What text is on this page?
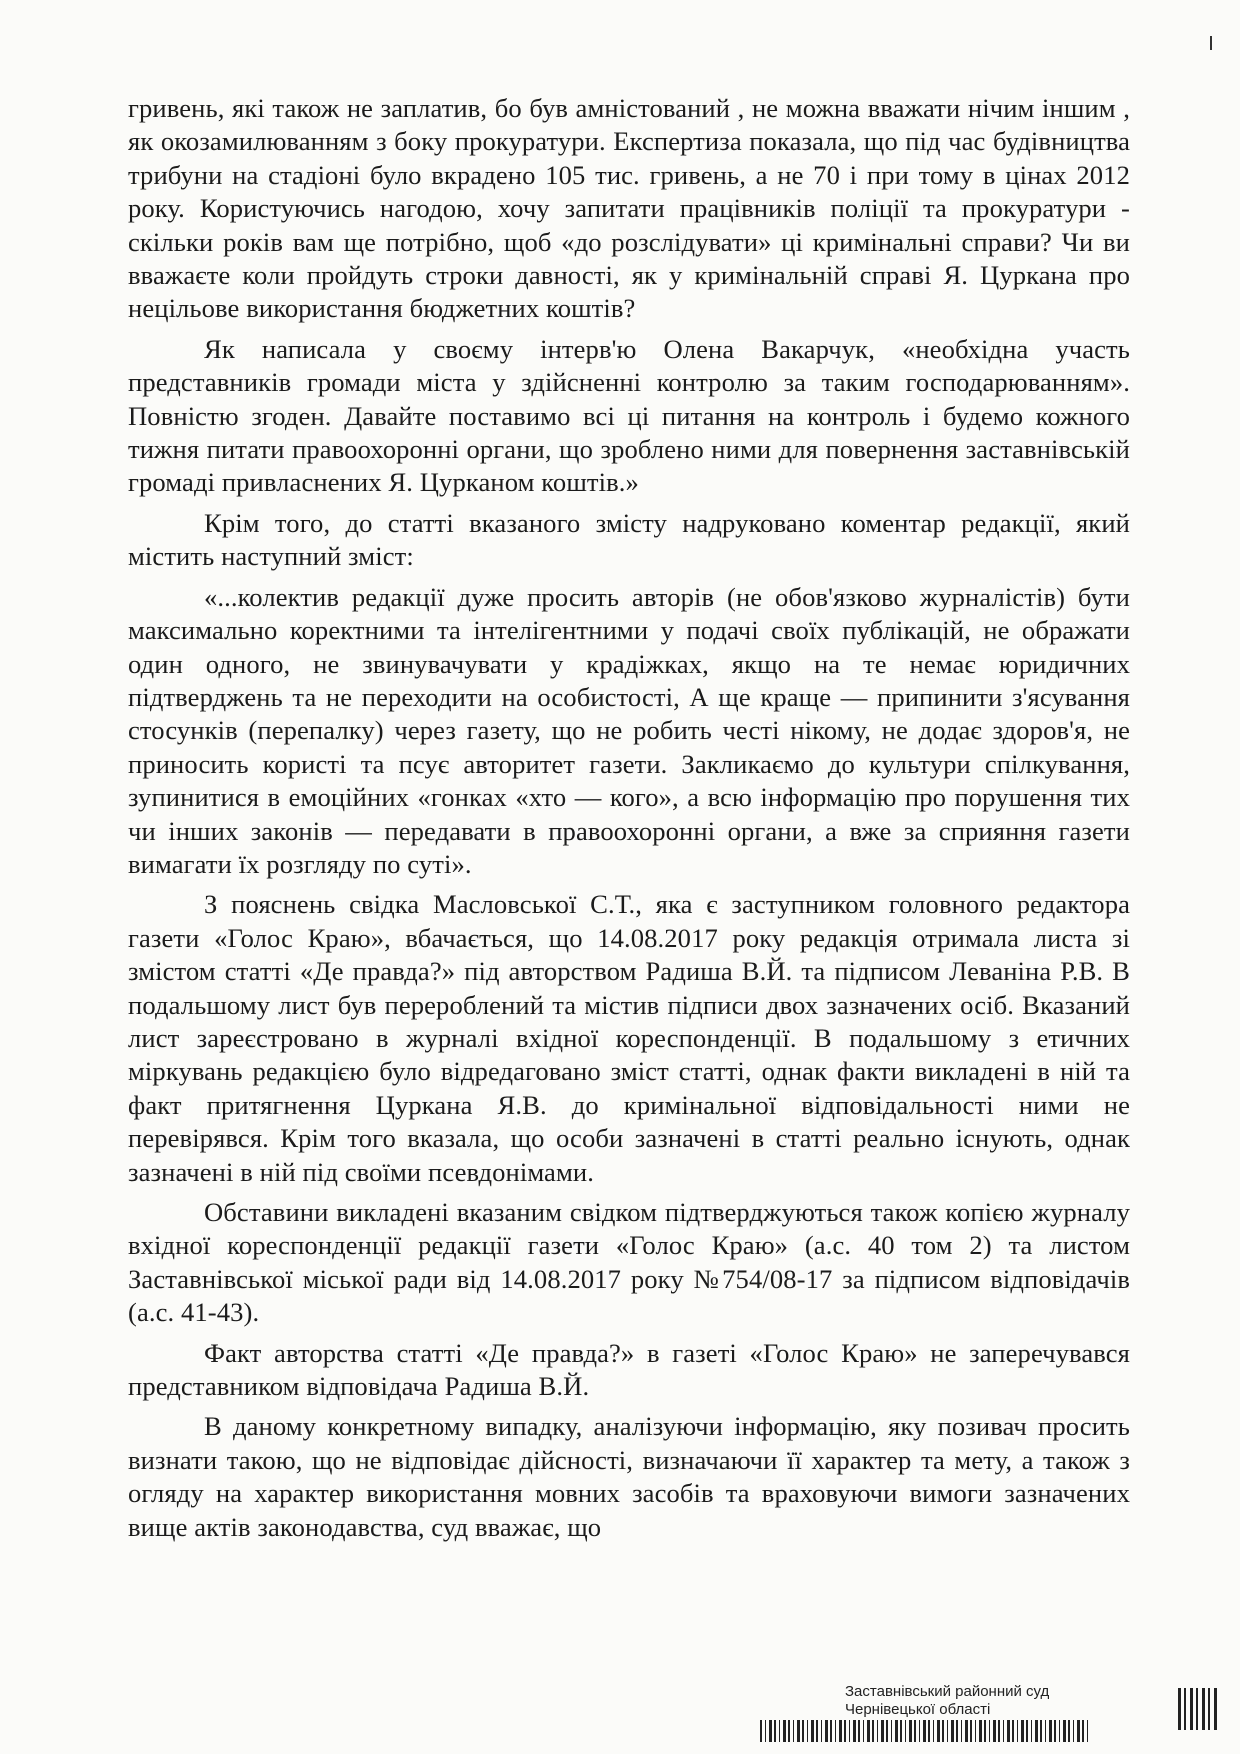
гривень, які також не заплатив, бо був амністований , не можна вважати нічим іншим , як окозамилюванням з боку прокуратури. Експертиза показала, що під час будівництва трибуни на стадіоні було вкрадено 105 тис. гривень, а не 70 і при тому в цінах 2012 року. Користуючись нагодою, хочу запитати працівників поліції та прокуратури - скільки років вам ще потрібно, щоб «до розслідувати» ці кримінальні справи? Чи ви вважаєте коли пройдуть строки давності, як у кримінальній справі Я. Цуркана про нецільове використання бюджетних коштів?

Як написала у своєму інтерв'ю Олена Вакарчук, «необхідна участь представників громади міста у здійсненні контролю за таким господарюванням». Повністю згоден. Давайте поставимо всі ці питання на контроль і будемо кожного тижня питати правоохоронні органи, що зроблено ними для повернення заставнівській громаді привласнених Я. Цурканом коштів.»

Крім того, до статті вказаного змісту надруковано коментар редакції, який містить наступний зміст:

«...колектив редакції дуже просить авторів (не обов'язково журналістів) бути максимально коректними та інтелігентними у подачі своїх публікацій, не ображати один одного, не звинувачувати у крадіжках, якщо на те немає юридичних підтверджень та не переходити на особистості, А ще краще — припинити з'ясування стосунків (перепалку) через газету, що не робить честі нікому, не додає здоров'я, не приносить користі та псує авторитет газети. Закликаємо до культури спілкування, зупинитися в емоційних «гонках «хто — кого», а всю інформацію про порушення тих чи інших законів — передавати в правоохоронні органи, а вже за сприяння газети вимагати їх розгляду по суті».

З пояснень свідка Масловської С.Т., яка є заступником головного редактора газети «Голос Краю», вбачається, що 14.08.2017 року редакція отримала листа зі змістом статті «Де правда?» під авторством Радиша В.Й. та підписом Леваніна Р.В. В подальшому лист був перероблений та містив підписи двох зазначених осіб. Вказаний лист зареєстровано в журналі вхідної кореспонденції. В подальшому з етичних міркувань редакцією було відредаговано зміст статті, однак факти викладені в ній та факт притягнення Цуркана Я.В. до кримінальної відповідальності ними не перевірявся. Крім того вказала, що особи зазначені в статті реально існують, однак зазначені в ній під своїми псевдонімами.

Обставини викладені вказаним свідком підтверджуються також копією журналу вхідної кореспонденції редакції газети «Голос Краю» (а.с. 40 том 2) та листом Заставнівської міської ради від 14.08.2017 року №754/08-17 за підписом відповідачів (а.с. 41-43).

Факт авторства статті «Де правда?» в газеті «Голос Краю» не заперечувався представником відповідача Радиша В.Й.

В даному конкретному випадку, аналізуючи інформацію, яку позивач просить визнати такою, що не відповідає дійсності, визначаючи її характер та мету, а також з огляду на характер використання мовних засобів та враховуючи вимоги зазначених вище актів законодавства, суд вважає, що

Заставнівський районний суд
Чернівецької області
